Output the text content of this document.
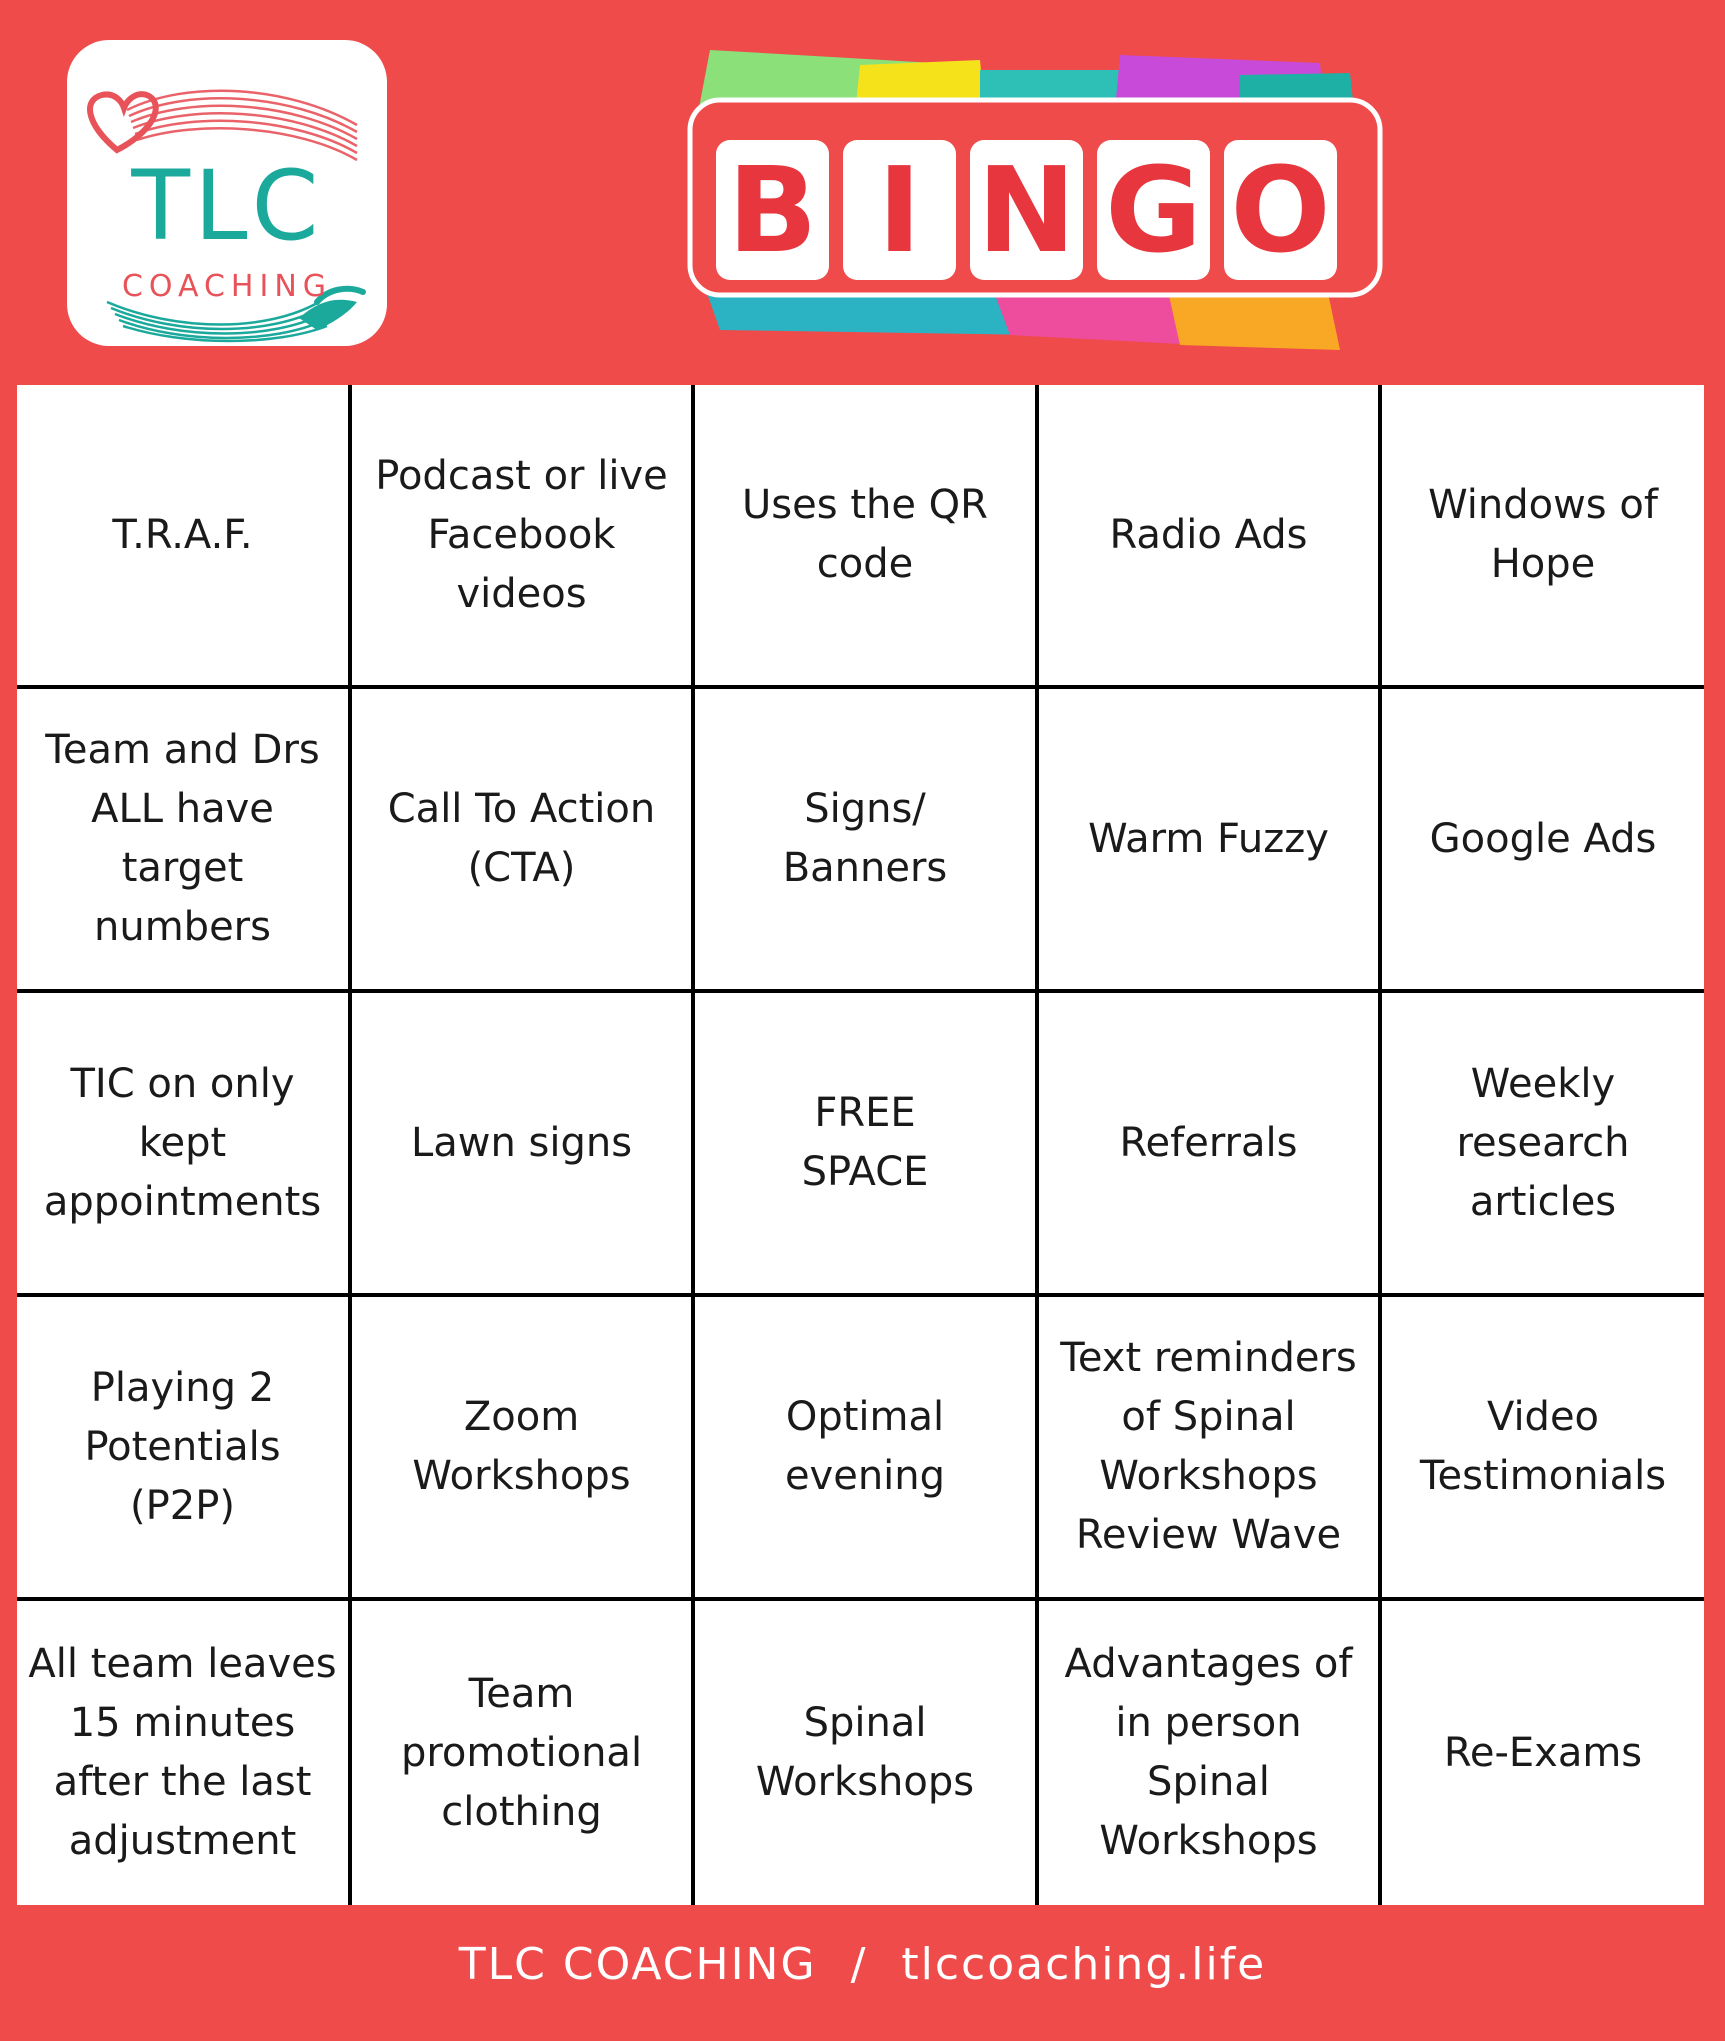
TLC
COACHING
B I N G O
T.R.A.F.
Podcast or live
Facebook
videos
Uses the QR
code
Radio Ads
Windows of
Hope
Team and Drs
ALL have target
numbers
Call To Action
(CTA)
Signs/
Banners
Warm Fuzzy	Google Ads
TIC on only
kept
appointments
Lawn signs
FREE
SPACE
Referrals
Weekly
research
articles
Playing 2
Potentials
(P2P)
Zoom
Workshops
Optimal
evening
Text reminders
of Spinal
Workshops
Review Wave
Video
Testimonials
All team leaves
15 minutes
after the last
adjustment
Team
promotional
clothing
Spinal
Workshops
Advantages of
in person
Spinal
Workshops
Re-Exams
TLC COACHING / tlccoaching.life
